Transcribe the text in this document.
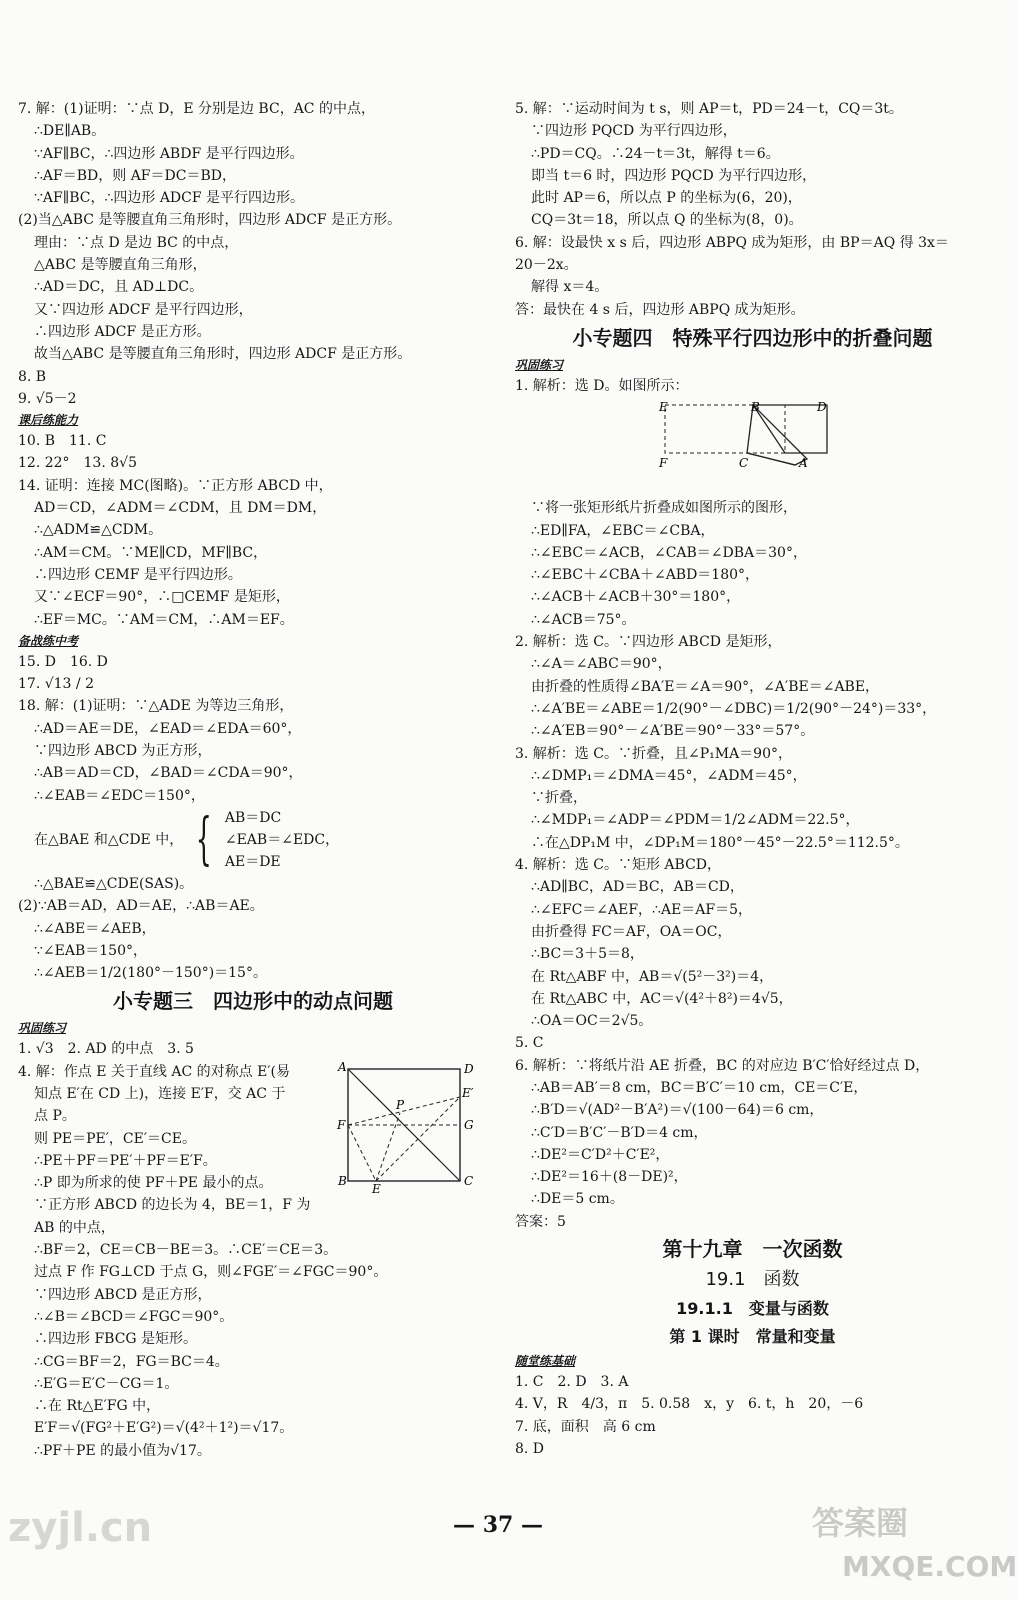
7. 解：(1)证明：∵点 D，E 分别是边 BC，AC 的中点，
∴DE∥AB。
∵AF∥BC，∴四边形 ABDF 是平行四边形。
∴AF＝BD，则 AF＝DC＝BD，
∵AF∥BC，∴四边形 ADCF 是平行四边形。
(2)当△ABC 是等腰直角三角形时，四边形 ADCF 是正方形。
理由：∵点 D 是边 BC 的中点，
△ABC 是等腰直角三角形，
∴AD＝DC，且 AD⊥DC。
又∵四边形 ADCF 是平行四边形，
∴四边形 ADCF 是正方形。
故当△ABC 是等腰直角三角形时，四边形 ADCF 是正方形。
8. B
9. √5－2
课后练能力
10. B　11. C
12. 22°　13. 8√5
14. 证明：连接 MC(图略)。∵正方形 ABCD 中，
AD＝CD，∠ADM＝∠CDM，且 DM＝DM，
∴△ADM≌△CDM。
∴AM＝CM。∵ME∥CD，MF∥BC，
∴四边形 CEMF 是平行四边形。
又∵∠ECF＝90°，∴□CEMF 是矩形，
∴EF＝MC。∵AM＝CM，∴AM＝EF。
备战练中考
15. D　16. D
17. √13 / 2
18. 解：(1)证明：∵△ADE 为等边三角形，
∴AD＝AE＝DE，∠EAD＝∠EDA＝60°，
∵四边形 ABCD 为正方形，
∴AB＝AD＝CD，∠BAD＝∠CDA＝90°，
∴∠EAB＝∠EDC＝150°，
在△BAE 和△CDE 中， { AB＝DC
∠EAB＝∠EDC，
AE＝DE
∴△BAE≌△CDE(SAS)。
(2)∵AB＝AD，AD＝AE，∴AB＝AE。
∴∠ABE＝∠AEB，
∵∠EAB＝150°，
∴∠AEB＝1/2(180°－150°)＝15°。
小专题三　四边形中的动点问题
巩固练习
1. √3　2. AD 的中点　3. 5
4. 解：作点 E 关于直线 AC 的对称点 E′(易
知点 E′在 CD 上)，连接 E′F，交 AC 于
点 P。
则 PE＝PE′，CE′＝CE。
∴PE＋PF＝PE′＋PF＝E′F。
∴P 即为所求的使 PF＋PE 最小的点。
∵正方形 ABCD 的边长为 4，BE＝1，F 为
AB 的中点，
A	D
B	C
E
F	G
P
E′
∴BF＝2，CE＝CB－BE＝3。∴CE′＝CE＝3。
过点 F 作 FG⊥CD 于点 G，则∠FGE′＝∠FGC＝90°。
∵四边形 ABCD 是正方形，
∴∠B＝∠BCD＝∠FGC＝90°。
∴四边形 FBCG 是矩形。
∴CG＝BF＝2，FG＝BC＝4。
∴E′G＝E′C－CG＝1。
∴在 Rt△E′FG 中，
E′F＝√(FG²＋E′G²)＝√(4²＋1²)＝√17。
∴PF＋PE 的最小值为√17。
5. 解：∵运动时间为 t s，则 AP＝t，PD＝24－t，CQ＝3t。
∵四边形 PQCD 为平行四边形，
∴PD＝CQ。∴24－t＝3t，解得 t＝6。
即当 t＝6 时，四边形 PQCD 为平行四边形，
此时 AP＝6，所以点 P 的坐标为(6，20)，
CQ＝3t＝18，所以点 Q 的坐标为(8，0)。
6. 解：设最快 x s 后，四边形 ABPQ 成为矩形，由 BP＝AQ 得 3x＝
20－2x。
解得 x＝4。
答：最快在 4 s 后，四边形 ABPQ 成为矩形。
小专题四　特殊平行四边形中的折叠问题
巩固练习
1. 解析：选 D。如图所示：
E	B	D
F	C	A
∵将一张矩形纸片折叠成如图所示的图形，
∴ED∥FA，∠EBC＝∠CBA，
∴∠EBC＝∠ACB，∠CAB＝∠DBA＝30°，
∴∠EBC＋∠CBA＋∠ABD＝180°，
∴∠ACB＋∠ACB＋30°＝180°，
∴∠ACB＝75°。
2. 解析：选 C。∵四边形 ABCD 是矩形，
∴∠A＝∠ABC＝90°，
由折叠的性质得∠BA′E＝∠A＝90°，∠A′BE＝∠ABE，
∴∠A′BE＝∠ABE＝1/2(90°－∠DBC)＝1/2(90°－24°)＝33°，
∴∠A′EB＝90°－∠A′BE＝90°－33°＝57°。
3. 解析：选 C。∵折叠，且∠P₁MA＝90°，
∴∠DMP₁＝∠DMA＝45°，∠ADM＝45°，
∵折叠，
∴∠MDP₁＝∠ADP＝∠PDM＝1/2∠ADM＝22.5°，
∴在△DP₁M 中，∠DP₁M＝180°－45°－22.5°＝112.5°。
4. 解析：选 C。∵矩形 ABCD，
∴AD∥BC，AD＝BC，AB＝CD，
∴∠EFC＝∠AEF，∴AE＝AF＝5，
由折叠得 FC＝AF，OA＝OC，
∴BC＝3＋5＝8，
在 Rt△ABF 中，AB＝√(5²－3²)＝4，
在 Rt△ABC 中，AC＝√(4²＋8²)＝4√5，
∴OA＝OC＝2√5。
5. C
6. 解析：∵将纸片沿 AE 折叠，BC 的对应边 B′C′恰好经过点 D，
∴AB＝AB′＝8 cm，BC＝B′C′＝10 cm，CE＝C′E，
∴B′D＝√(AD²－B′A²)＝√(100－64)＝6 cm，
∴C′D＝B′C′－B′D＝4 cm，
∴DE²＝C′D²＋C′E²，
∴DE²＝16＋(8－DE)²，
∴DE＝5 cm。
答案：5
第十九章　一次函数
19.1　函数
19.1.1　变量与函数
第 1 课时　常量和变量
随堂练基础
1. C　2. D　3. A
4. V，R　4/3，π　5. 0.58　x，y　6. t，h　20，－6
7. 底，面积　高 6 cm
8. D
— 37 —
zyjl.cn	答案圈
MXQE.COM
